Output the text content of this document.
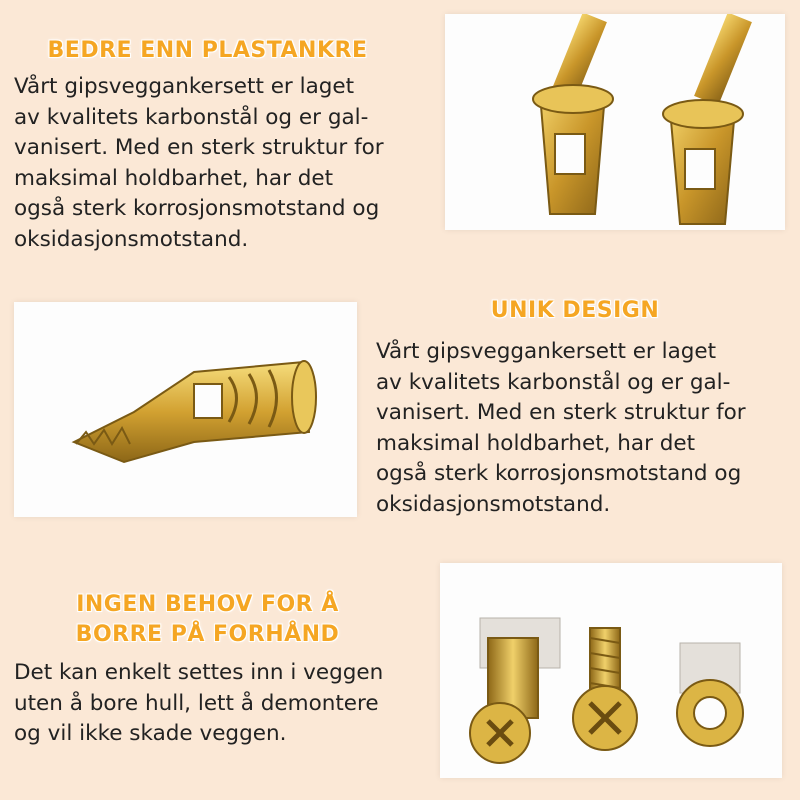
BEDRE ENN PLASTANKRE
Vårt gipsveggankersett er laget
av kvalitets karbonstål og er gal-
vanisert. Med en sterk struktur for
maksimal holdbarhet, har det
også sterk korrosjonsmotstand og
oksidasjonsmotstand.
UNIK DESIGN
Vårt gipsveggankersett er laget
av kvalitets karbonstål og er gal-
vanisert. Med en sterk struktur for
maksimal holdbarhet, har det
også sterk korrosjonsmotstand og
oksidasjonsmotstand.
INGEN BEHOV FOR Å
BORRE PÅ FORHÅND
Det kan enkelt settes inn i veggen
uten å bore hull, lett å demontere
og vil ikke skade veggen.
